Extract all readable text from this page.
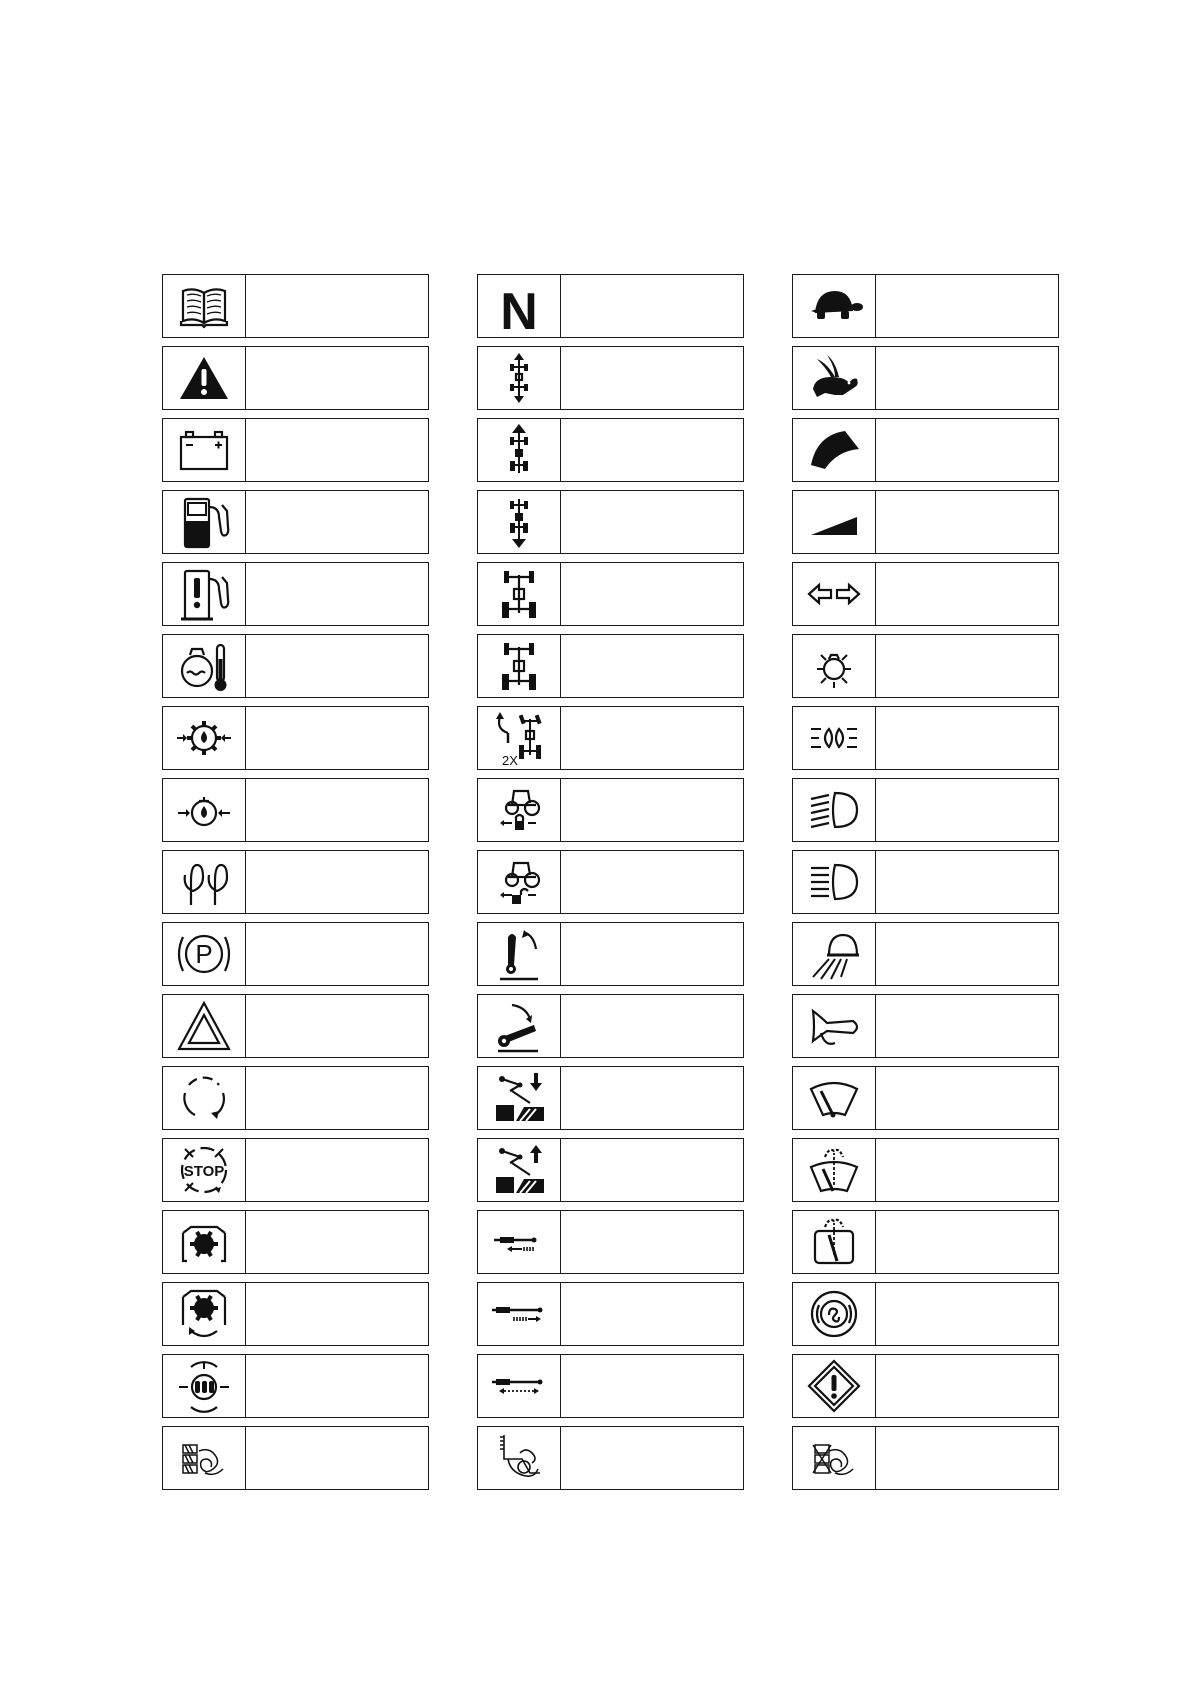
P
STOP
N
2X
